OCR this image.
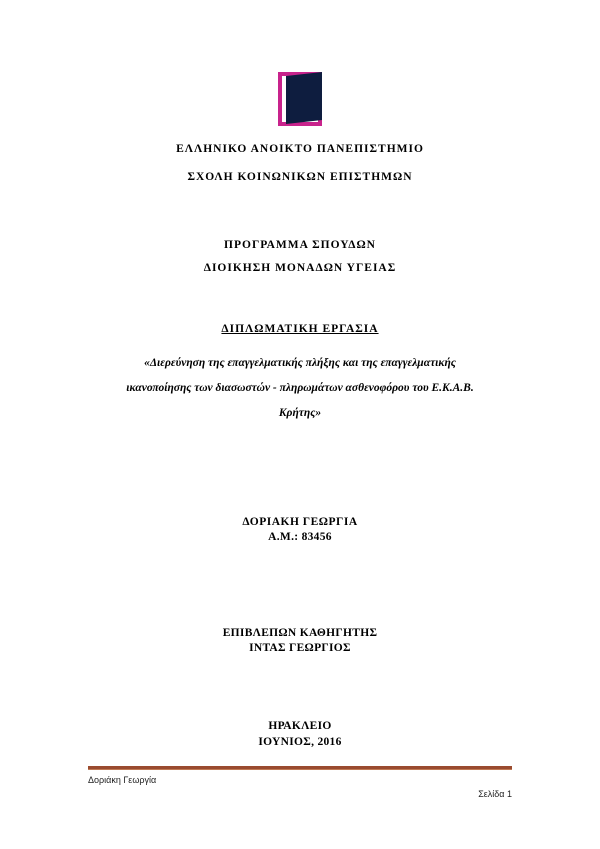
ΕΛΛΗΝΙΚΟ ΑΝΟΙΚΤΟ ΠΑΝΕΠΙΣΤΗΜΙΟ
ΣΧΟΛΗ ΚΟΙΝΩΝΙΚΩΝ ΕΠΙΣΤΗΜΩΝ
ΠΡΟΓΡΑΜΜΑ ΣΠΟΥΔΩΝ
ΔΙΟΙΚΗΣΗ ΜΟΝΑΔΩΝ ΥΓΕΙΑΣ
ΔΙΠΛΩΜΑΤΙΚΗ ΕΡΓΑΣΙΑ
«Διερεύνηση της επαγγελματικής πλήξης και της επαγγελματικής
ικανοποίησης των διασωστών - πληρωμάτων ασθενοφόρου του Ε.Κ.Α.Β.
Κρήτης»
ΔΟΡΙΑΚΗ ΓΕΩΡΓΙΑ
Α.Μ.: 83456
ΕΠΙΒΛΕΠΩΝ ΚΑΘΗΓΗΤΗΣ
ΙΝΤΑΣ ΓΕΩΡΓΙΟΣ
ΗΡΑΚΛΕΙΟ
ΙΟΥΝΙΟΣ, 2016
Δοριάκη Γεωργία
Σελίδα 1
